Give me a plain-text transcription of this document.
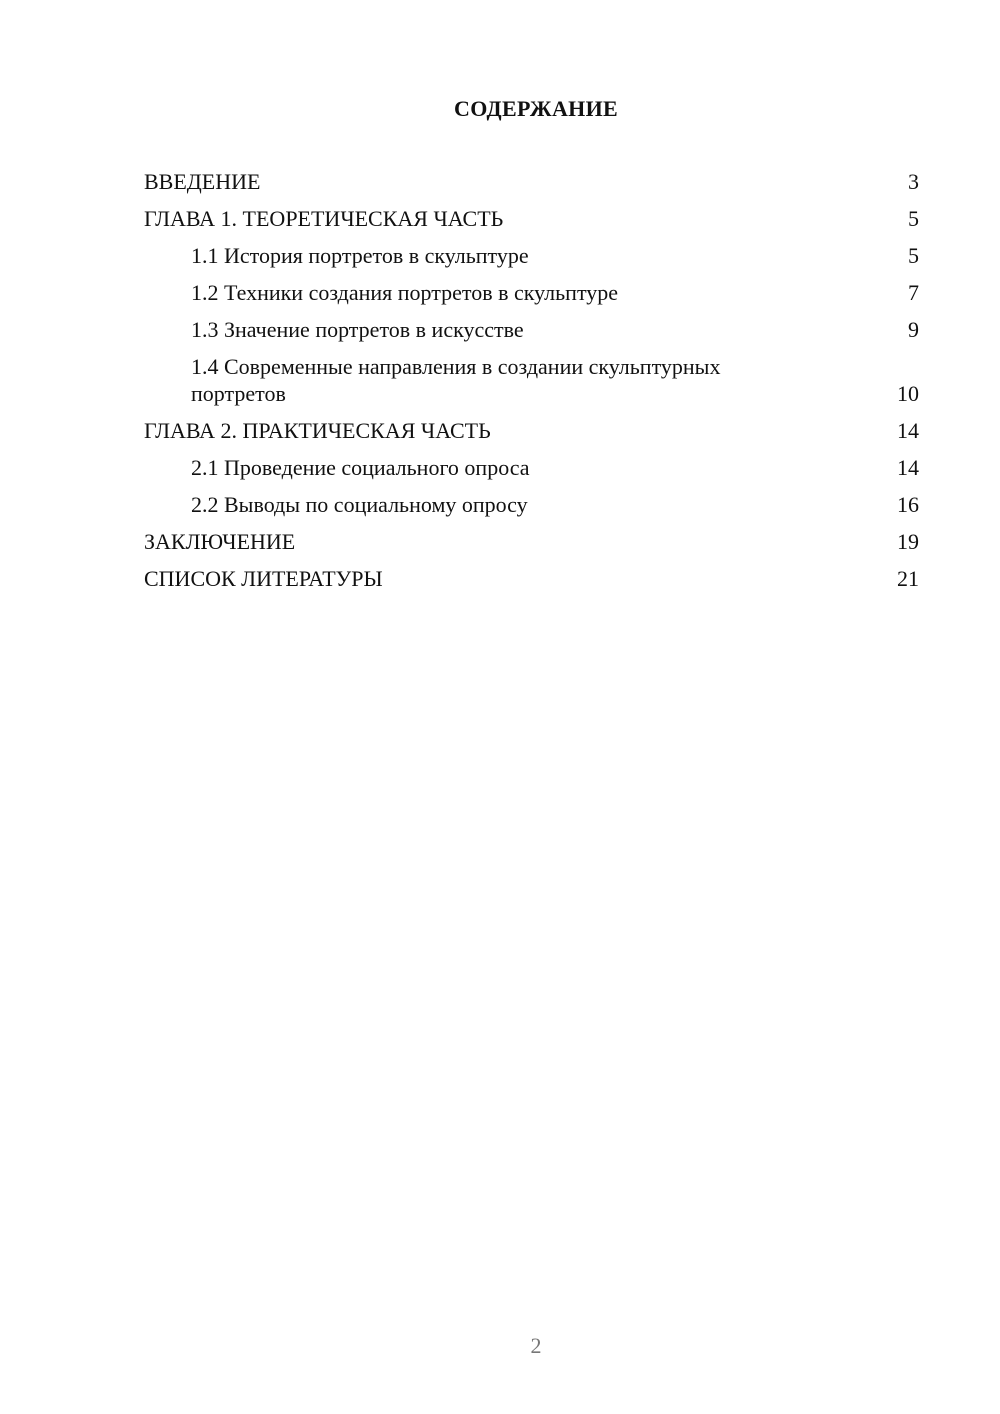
СОДЕРЖАНИЕ
ВВЕДЕНИЕ	3
ГЛАВА 1. ТЕОРЕТИЧЕСКАЯ ЧАСТЬ	5
1.1 История портретов в скульптуре	5
1.2 Техники создания портретов в скульптуре	7
1.3 Значение портретов в искусстве	9
1.4 Современные направления в создании скульптурных портретов	10
ГЛАВА 2. ПРАКТИЧЕСКАЯ ЧАСТЬ	14
2.1 Проведение социального опроса	14
2.2 Выводы по социальному опросу	16
ЗАКЛЮЧЕНИЕ	19
СПИСОК ЛИТЕРАТУРЫ	21
2
